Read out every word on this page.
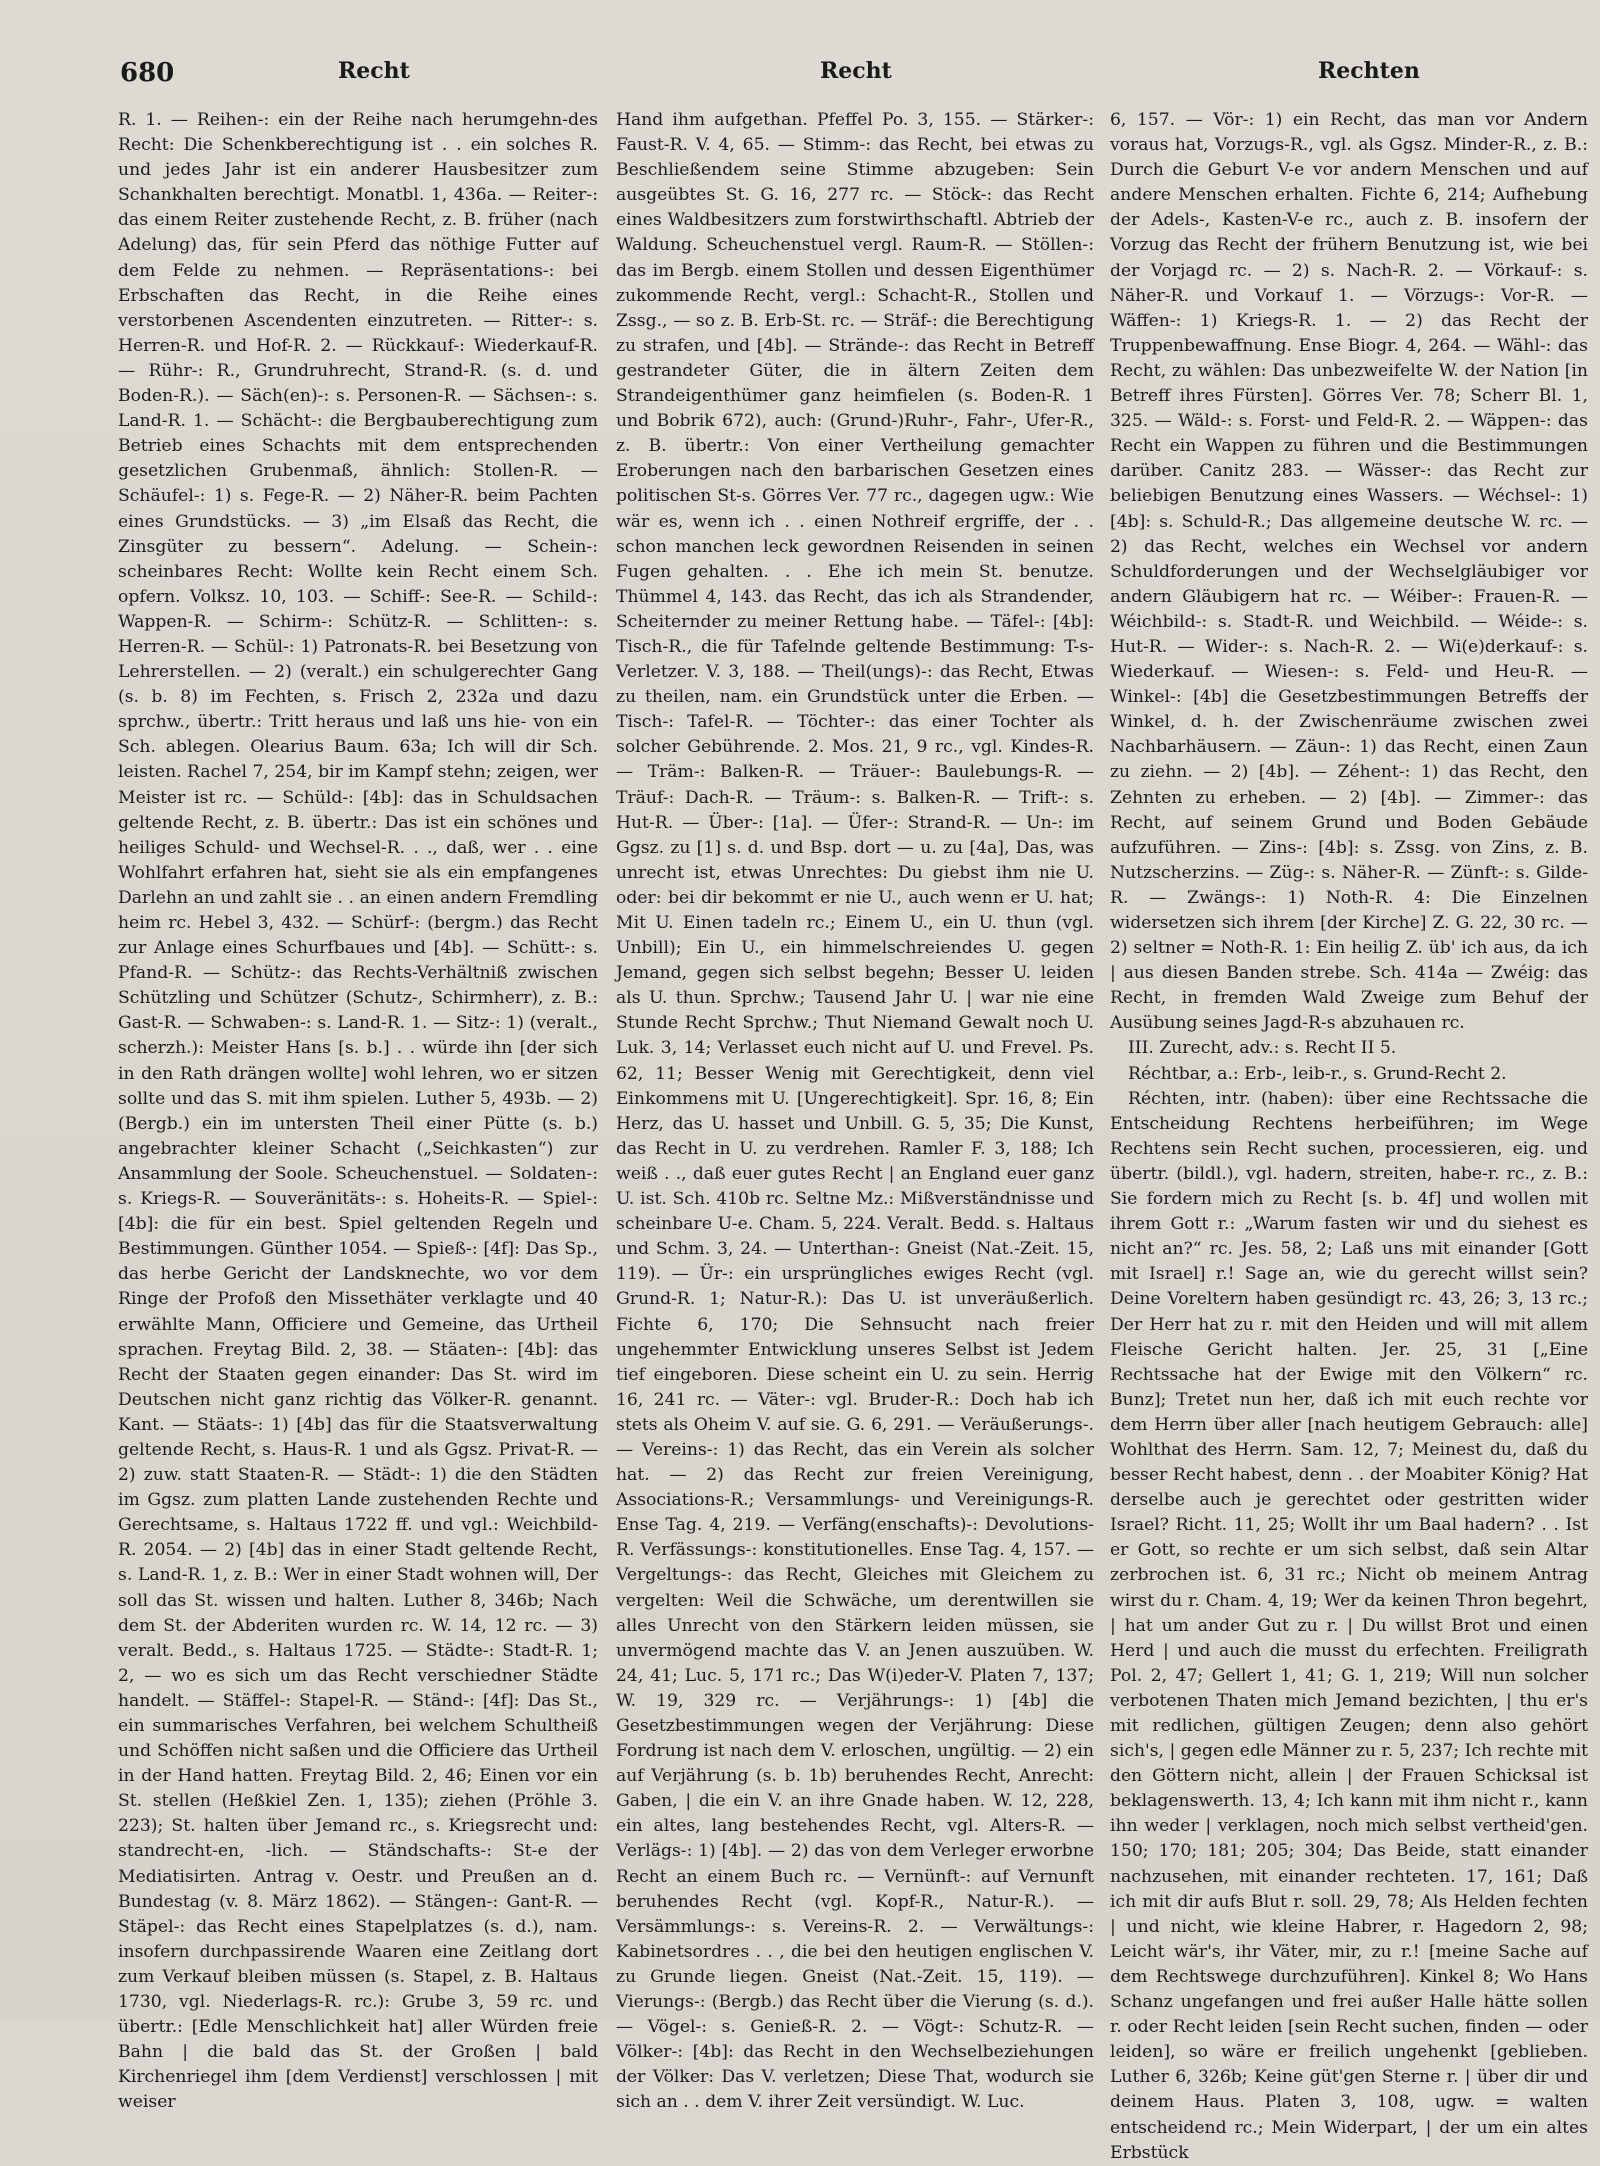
680	Recht	Recht	Rechten

R. 1. — Reihen-: ein der Reihe nach herumgehn-des Recht: Die Schenkberechtigung ist . . ein solches R. und jedes Jahr ist ein anderer Hausbesitzer zum Schankhalten berechtigt. Monatbl. 1, 436a. — Reiter-: das einem Reiter zustehende Recht, z. B. früher (nach Adelung) das, für sein Pferd das nöthige Futter auf dem Felde zu nehmen. — Repräsentations-: bei Erbschaften das Recht, in die Reihe eines verstorbenen Ascendenten einzutreten. — Ritter-: s. Herren-R. und Hof-R. 2. — Rückkauf-: Wiederkauf-R. — Rühr-: R., Grundruhrecht, Strand-R. (s. d. und Boden-R.). — Säch(en)-: s. Personen-R. — Sächsen-: s. Land-R. 1. — Schächt-: die Bergbauberechtigung zum Betrieb eines Schachts mit dem entsprechenden gesetzlichen Grubenmaß, ähnlich: Stollen-R. — Schäufel-: 1) s. Fege-R. — 2) Näher-R. beim Pachten eines Grundstücks. — 3) „im Elsaß das Recht, die Zinsgüter zu bessern“. Adelung. — Schein-: scheinbares Recht: Wollte kein Recht einem Sch. opfern. Volksz. 10, 103. — Schiff-: See-R. — Schild-: Wappen-R. — Schirm-: Schütz-R. — Schlitten-: s. Herren-R. — Schül-: 1) Patronats-R. bei Besetzung von Lehrerstellen. — 2) (veralt.) ein schulgerechter Gang (s. b. 8) im Fechten, s. Frisch 2, 232a und dazu sprchw., übertr.: Tritt heraus und laß uns hie- von ein Sch. ablegen. Olearius Baum. 63a; Ich will dir Sch. leisten. Rachel 7, 254, bir im Kampf stehn; zeigen, wer Meister ist rc. — Schüld-: [4b]: das in Schuldsachen geltende Recht, z. B. übertr.: Das ist ein schönes und heiliges Schuld- und Wechsel-R. . ., daß, wer . . eine Wohlfahrt erfahren hat, sieht sie als ein empfangenes Darlehn an und zahlt sie . . an einen andern Fremdling heim rc. Hebel 3, 432. — Schürf-: (bergm.) das Recht zur Anlage eines Schurfbaues und [4b]. — Schütt-: s. Pfand-R. — Schütz-: das Rechts-Verhältniß zwischen Schützling und Schützer (Schutz-, Schirmherr), z. B.: Gast-R. — Schwaben-: s. Land-R. 1. — Sitz-: 1) (veralt., scherzh.): Meister Hans [s. b.] . . würde ihn [der sich in den Rath drängen wollte] wohl lehren, wo er sitzen sollte und das S. mit ihm spielen. Luther 5, 493b. — 2) (Bergb.) ein im untersten Theil einer Pütte (s. b.) angebrachter kleiner Schacht („Seichkasten“) zur Ansammlung der Soole. Scheuchenstuel. — Soldaten-: s. Kriegs-R. — Souveränitäts-: s. Hoheits-R. — Spiel-: [4b]: die für ein best. Spiel geltenden Regeln und Bestimmungen. Günther 1054. — Spieß-: [4f]: Das Sp., das herbe Gericht der Landsknechte, wo vor dem Ringe der Profoß den Missethäter verklagte und 40 erwählte Mann, Officiere und Gemeine, das Urtheil sprachen. Freytag Bild. 2, 38. — Stäaten-: [4b]: das Recht der Staaten gegen einander: Das St. wird im Deutschen nicht ganz richtig das Völker-R. genannt. Kant. — Stäats-: 1) [4b] das für die Staatsverwaltung geltende Recht, s. Haus-R. 1 und als Ggsz. Privat-R. — 2) zuw. statt Staaten-R. — Städt-: 1) die den Städten im Ggsz. zum platten Lande zustehenden Rechte und Gerechtsame, s. Haltaus 1722 ff. und vgl.: Weichbild-R. 2054. — 2) [4b] das in einer Stadt geltende Recht, s. Land-R. 1, z. B.: Wer in einer Stadt wohnen will, Der soll das St. wissen und halten. Luther 8, 346b; Nach dem St. der Abderiten wurden rc. W. 14, 12 rc. — 3) veralt. Bedd., s. Haltaus 1725. — Städte-: Stadt-R. 1; 2, — wo es sich um das Recht verschiedner Städte handelt. — Stäffel-: Stapel-R. — Ständ-: [4f]: Das St., ein summarisches Verfahren, bei welchem Schultheiß und Schöffen nicht saßen und die Officiere das Urtheil in der Hand hatten. Freytag Bild. 2, 46; Einen vor ein St. stellen (Heßkiel Zen. 1, 135); ziehen (Pröhle 3. 223); St. halten über Jemand rc., s. Kriegsrecht und: standrecht-en, -lich. — Ständschafts-: St-e der Mediatisirten. Antrag v. Oestr. und Preußen an d. Bundestag (v. 8. März 1862). — Stängen-: Gant-R. — Stäpel-: das Recht eines Stapelplatzes (s. d.), nam. insofern durchpassirende Waaren eine Zeitlang dort zum Verkauf bleiben müssen (s. Stapel, z. B. Haltaus 1730, vgl. Niederlags-R. rc.): Grube 3, 59 rc. und übertr.: [Edle Menschlichkeit hat] aller Würden freie Bahn | die bald das St. der Großen | bald Kirchenriegel ihm [dem Verdienst] verschlossen | mit weiser

Hand ihm aufgethan. Pfeffel Po. 3, 155. — Stärker-: Faust-R. V. 4, 65. — Stimm-: das Recht, bei etwas zu Beschließendem seine Stimme abzugeben: Sein ausgeübtes St. G. 16, 277 rc. — Stöck-: das Recht eines Waldbesitzers zum forstwirthschaftl. Abtrieb der Waldung. Scheuchenstuel vergl. Raum-R. — Stöllen-: das im Bergb. einem Stollen und dessen Eigenthümer zukommende Recht, vergl.: Schacht-R., Stollen und Zssg., — so z. B. Erb-St. rc. — Sträf-: die Berechtigung zu strafen, und [4b]. — Strände-: das Recht in Betreff gestrandeter Güter, die in ältern Zeiten dem Strandeigenthümer ganz heimfielen (s. Boden-R. 1 und Bobrik 672), auch: (Grund-)Ruhr-, Fahr-, Ufer-R., z. B. übertr.: Von einer Vertheilung gemachter Eroberungen nach den barbarischen Gesetzen eines politischen St-s. Görres Ver. 77 rc., dagegen ugw.: Wie wär es, wenn ich . . einen Nothreif ergriffe, der . . schon manchen leck gewordnen Reisenden in seinen Fugen gehalten. . . Ehe ich mein St. benutze. Thümmel 4, 143. das Recht, das ich als Strandender, Scheiternder zu meiner Rettung habe. — Täfel-: [4b]: Tisch-R., die für Tafelnde geltende Bestimmung: T-s-Verletzer. V. 3, 188. — Theil(ungs)-: das Recht, Etwas zu theilen, nam. ein Grundstück unter die Erben. — Tisch-: Tafel-R. — Töchter-: das einer Tochter als solcher Gebührende. 2. Mos. 21, 9 rc., vgl. Kindes-R. — Träm-: Balken-R. — Träuer-: Baulebungs-R. — Träuf-: Dach-R. — Träum-: s. Balken-R. — Trift-: s. Hut-R. — Über-: [1a]. — Üfer-: Strand-R. — Un-: im Ggsz. zu [1] s. d. und Bsp. dort — u. zu [4a], Das, was unrecht ist, etwas Unrechtes: Du giebst ihm nie U. oder: bei dir bekommt er nie U., auch wenn er U. hat; Mit U. Einen tadeln rc.; Einem U., ein U. thun (vgl. Unbill); Ein U., ein himmelschreiendes U. gegen Jemand, gegen sich selbst begehn; Besser U. leiden als U. thun. Sprchw.; Tausend Jahr U. | war nie eine Stunde Recht Sprchw.; Thut Niemand Gewalt noch U. Luk. 3, 14; Verlasset euch nicht auf U. und Frevel. Ps. 62, 11; Besser Wenig mit Gerechtigkeit, denn viel Einkommens mit U. [Ungerechtigkeit]. Spr. 16, 8; Ein Herz, das U. hasset und Unbill. G. 5, 35; Die Kunst, das Recht in U. zu verdrehen. Ramler F. 3, 188; Ich weiß . ., daß euer gutes Recht | an England euer ganz U. ist. Sch. 410b rc. Seltne Mz.: Mißverständnisse und scheinbare U-e. Cham. 5, 224. Veralt. Bedd. s. Haltaus und Schm. 3, 24. — Unterthan-: Gneist (Nat.-Zeit. 15, 119). — Ür-: ein ursprüngliches ewiges Recht (vgl. Grund-R. 1; Natur-R.): Das U. ist unveräußerlich. Fichte 6, 170; Die Sehnsucht nach freier ungehemmter Entwicklung unseres Selbst ist Jedem tief eingeboren. Diese scheint ein U. zu sein. Herrig 16, 241 rc. — Väter-: vgl. Bruder-R.: Doch hab ich stets als Oheim V. auf sie. G. 6, 291. — Veräußerungs-. — Vereins-: 1) das Recht, das ein Verein als solcher hat. — 2) das Recht zur freien Vereinigung, Associations-R.; Versammlungs- und Vereinigungs-R. Ense Tag. 4, 219. — Verfäng(enschafts)-: Devolutions-R. Verfässungs-: konstitutionelles. Ense Tag. 4, 157. — Vergeltungs-: das Recht, Gleiches mit Gleichem zu vergelten: Weil die Schwäche, um derentwillen sie alles Unrecht von den Stärkern leiden müssen, sie unvermögend machte das V. an Jenen auszuüben. W. 24, 41; Luc. 5, 171 rc.; Das W(i)eder-V. Platen 7, 137; W. 19, 329 rc. — Verjährungs-: 1) [4b] die Gesetzbestimmungen wegen der Verjährung: Diese Fordrung ist nach dem V. erloschen, ungültig. — 2) ein auf Verjährung (s. b. 1b) beruhendes Recht, Anrecht: Gaben, | die ein V. an ihre Gnade haben. W. 12, 228, ein altes, lang bestehendes Recht, vgl. Alters-R. — Verlägs-: 1) [4b]. — 2) das von dem Verleger erworbne Recht an einem Buch rc. — Vernünft-: auf Vernunft beruhendes Recht (vgl. Kopf-R., Natur-R.). — Versämmlungs-: s. Vereins-R. 2. — Verwältungs-: Kabinetsordres . . , die bei den heutigen englischen V. zu Grunde liegen. Gneist (Nat.-Zeit. 15, 119). — Vierungs-: (Bergb.) das Recht über die Vierung (s. d.). — Vögel-: s. Genieß-R. 2. — Vögt-: Schutz-R. — Völker-: [4b]: das Recht in den Wechselbeziehungen der Völker: Das V. verletzen; Diese That, wodurch sie sich an . . dem V. ihrer Zeit versündigt. W. Luc.

6, 157. — Vör-: 1) ein Recht, das man vor Andern voraus hat, Vorzugs-R., vgl. als Ggsz. Minder-R., z. B.: Durch die Geburt V-e vor andern Menschen und auf andere Menschen erhalten. Fichte 6, 214; Aufhebung der Adels-, Kasten-V-e rc., auch z. B. insofern der Vorzug das Recht der frühern Benutzung ist, wie bei der Vorjagd rc. — 2) s. Nach-R. 2. — Vörkauf-: s. Näher-R. und Vorkauf 1. — Vörzugs-: Vor-R. — Wäffen-: 1) Kriegs-R. 1. — 2) das Recht der Truppenbewaffnung. Ense Biogr. 4, 264. — Wähl-: das Recht, zu wählen: Das unbezweifelte W. der Nation [in Betreff ihres Fürsten]. Görres Ver. 78; Scherr Bl. 1, 325. — Wäld-: s. Forst- und Feld-R. 2. — Wäppen-: das Recht ein Wappen zu führen und die Bestimmungen darüber. Canitz 283. — Wässer-: das Recht zur beliebigen Benutzung eines Wassers. — Wéchsel-: 1) [4b]: s. Schuld-R.; Das allgemeine deutsche W. rc. — 2) das Recht, welches ein Wechsel vor andern Schuldforderungen und der Wechselgläubiger vor andern Gläubigern hat rc. — Wéiber-: Frauen-R. — Wéichbild-: s. Stadt-R. und Weichbild. — Wéide-: s. Hut-R. — Wider-: s. Nach-R. 2. — Wi(e)derkauf-: s. Wiederkauf. — Wiesen-: s. Feld- und Heu-R. — Winkel-: [4b] die Gesetzbestimmungen Betreffs der Winkel, d. h. der Zwischenräume zwischen zwei Nachbarhäusern. — Zäun-: 1) das Recht, einen Zaun zu ziehn. — 2) [4b]. — Zéhent-: 1) das Recht, den Zehnten zu erheben. — 2) [4b]. — Zimmer-: das Recht, auf seinem Grund und Boden Gebäude aufzuführen. — Zins-: [4b]: s. Zssg. von Zins, z. B. Nutzscherzins. — Züg-: s. Näher-R. — Zünft-: s. Gilde-R. — Zwängs-: 1) Noth-R. 4: Die Einzelnen widersetzen sich ihrem [der Kirche] Z. G. 22, 30 rc. — 2) seltner = Noth-R. 1: Ein heilig Z. üb' ich aus, da ich | aus diesen Banden strebe. Sch. 414a — Zwéig: das Recht, in fremden Wald Zweige zum Behuf der Ausübung seines Jagd-R-s abzuhauen rc.

III. Zurecht, adv.: s. Recht II 5.

Réchtbar, a.: Erb-, leib-r., s. Grund-Recht 2.

Réchten, intr. (haben): über eine Rechtssache die Entscheidung Rechtens herbeiführen; im Wege Rechtens sein Recht suchen, processieren, eig. und übertr. (bildl.), vgl. hadern, streiten, habe-r. rc., z. B.: Sie fordern mich zu Recht [s. b. 4f] und wollen mit ihrem Gott r.: „Warum fasten wir und du siehest es nicht an?“ rc. Jes. 58, 2; Laß uns mit einander [Gott mit Israel] r.! Sage an, wie du gerecht willst sein? Deine Voreltern haben gesündigt rc. 43, 26; 3, 13 rc.; Der Herr hat zu r. mit den Heiden und will mit allem Fleische Gericht halten. Jer. 25, 31 [„Eine Rechtssache hat der Ewige mit den Völkern“ rc. Bunz]; Tretet nun her, daß ich mit euch rechte vor dem Herrn über aller [nach heutigem Gebrauch: alle] Wohlthat des Herrn. Sam. 12, 7; Meinest du, daß du besser Recht habest, denn . . der Moabiter König? Hat derselbe auch je gerechtet oder gestritten wider Israel? Richt. 11, 25; Wollt ihr um Baal hadern? . . Ist er Gott, so rechte er um sich selbst, daß sein Altar zerbrochen ist. 6, 31 rc.; Nicht ob meinem Antrag wirst du r. Cham. 4, 19; Wer da keinen Thron begehrt, | hat um ander Gut zu r. | Du willst Brot und einen Herd | und auch die musst du erfechten. Freiligrath Pol. 2, 47; Gellert 1, 41; G. 1, 219; Will nun solcher verbotenen Thaten mich Jemand bezichten, | thu er's mit redlichen, gültigen Zeugen; denn also gehört sich's, | gegen edle Männer zu r. 5, 237; Ich rechte mit den Göttern nicht, allein | der Frauen Schicksal ist beklagenswerth. 13, 4; Ich kann mit ihm nicht r., kann ihn weder | verklagen, noch mich selbst vertheid'gen. 150; 170; 181; 205; 304; Das Beide, statt einander nachzusehen, mit einander rechteten. 17, 161; Daß ich mit dir aufs Blut r. soll. 29, 78; Als Helden fechten | und nicht, wie kleine Habrer, r. Hagedorn 2, 98; Leicht wär's, ihr Väter, mir, zu r.! [meine Sache auf dem Rechtswege durchzuführen]. Kinkel 8; Wo Hans Schanz ungefangen und frei außer Halle hätte sollen r. oder Recht leiden [sein Recht suchen, finden — oder leiden], so wäre er freilich ungehenkt [geblieben. Luther 6, 326b; Keine güt'gen Sterne r. | über dir und deinem Haus. Platen 3, 108, ugw. = walten entscheidend rc.; Mein Widerpart, | der um ein altes Erbstück
